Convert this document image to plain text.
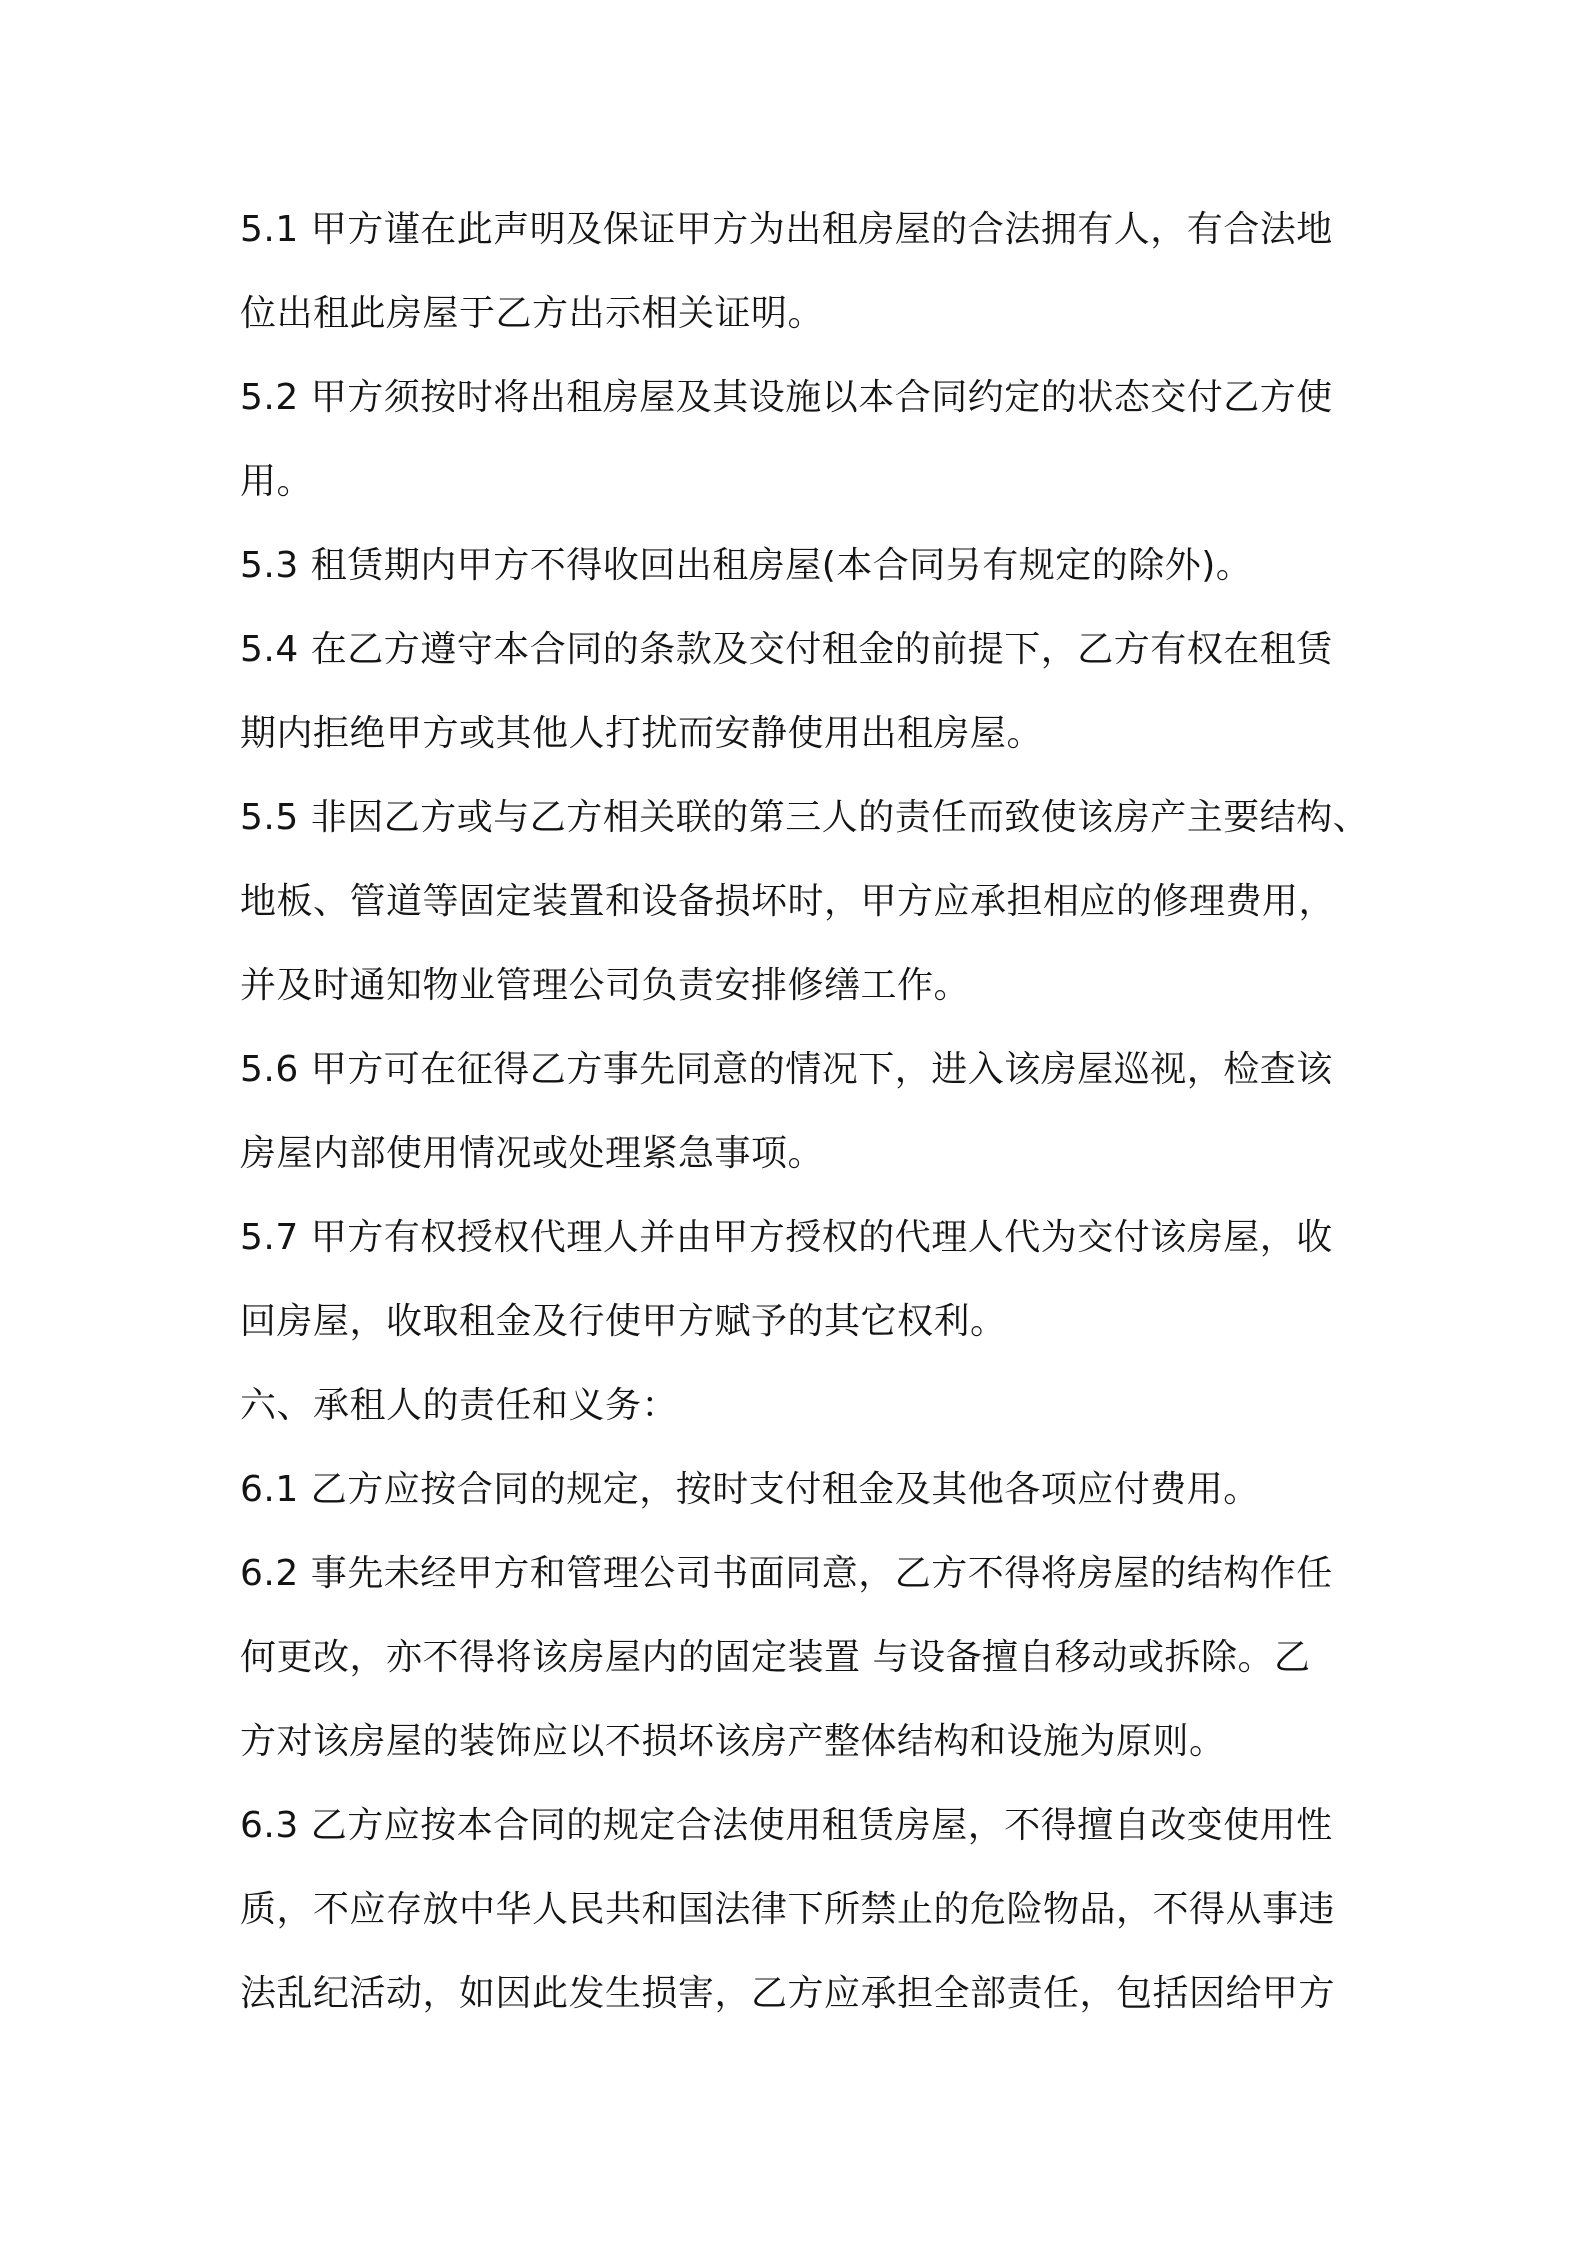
5.1 甲方谨在此声明及保证甲方为出租房屋的合法拥有人，有合法地
位出租此房屋于乙方出示相关证明。
5.2 甲方须按时将出租房屋及其设施以本合同约定的状态交付乙方使
用。
5.3 租赁期内甲方不得收回出租房屋(本合同另有规定的除外)。
5.4 在乙方遵守本合同的条款及交付租金的前提下，乙方有权在租赁
期内拒绝甲方或其他人打扰而安静使用出租房屋。
5.5 非因乙方或与乙方相关联的第三人的责任而致使该房产主要结构、
地板、管道等固定装置和设备损坏时，甲方应承担相应的修理费用，
并及时通知物业管理公司负责安排修缮工作。
5.6 甲方可在征得乙方事先同意的情况下，进入该房屋巡视，检查该
房屋内部使用情况或处理紧急事项。
5.7 甲方有权授权代理人并由甲方授权的代理人代为交付该房屋，收
回房屋，收取租金及行使甲方赋予的其它权利。
六、承租人的责任和义务：
6.1 乙方应按合同的规定，按时支付租金及其他各项应付费用。
6.2 事先未经甲方和管理公司书面同意，乙方不得将房屋的结构作任
何更改，亦不得将该房屋内的固定装置 与设备擅自移动或拆除。乙
方对该房屋的装饰应以不损坏该房产整体结构和设施为原则。
6.3 乙方应按本合同的规定合法使用租赁房屋，不得擅自改变使用性
质，不应存放中华人民共和国法律下所禁止的危险物品，不得从事违
法乱纪活动，如因此发生损害，乙方应承担全部责任，包括因给甲方
